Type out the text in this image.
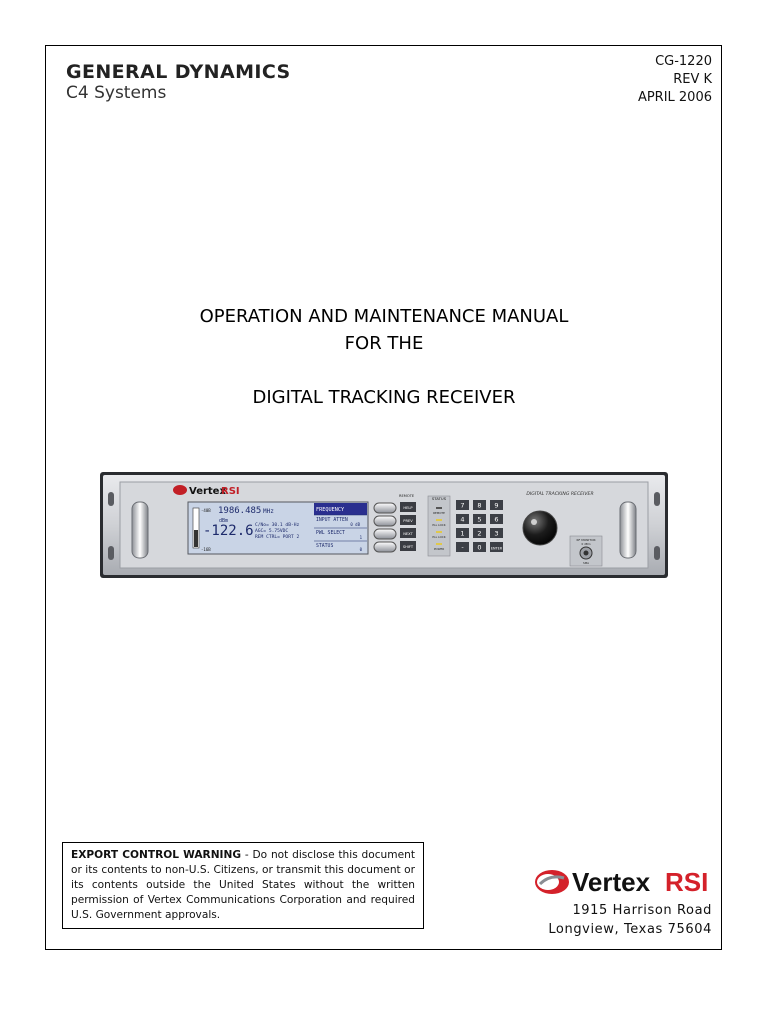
GENERAL DYNAMICS
C4 Systems
CG-1220
REV K
APRIL 2006
OPERATION AND MAINTENANCE MANUAL
FOR THE
DIGITAL TRACKING RECEIVER
Vertex
RSI
-40B
-16B
1986.485 MHz
dBm
-122.6 C/No= 30.1 dB-Hz
AGC= 5.75VDC
REM CTRL= PORT 2
FREQUENCY
INPUT ATTEN
0 dB
PWL SELECT
1
STATUS
0
REMOTE
HELP
PREV
NEXT
SHIFT
STATUS
REMOTE
PLL LOCK
PLL LOCK
POWER
7 8 9
4 5 6
1 2 3
- 0	ENTER
DIGITAL TRACKING RECEIVER
RF MONITOR
0 dBm
SMA
EXPORT CONTROL WARNING - Do not disclose this document or its contents to non-U.S. Citizens, or transmit this document or its contents outside the United States without the written permission of Vertex Communications Corporation and required U.S. Government approvals.
Vertex RSI
1915 Harrison Road
Longview, Texas 75604
